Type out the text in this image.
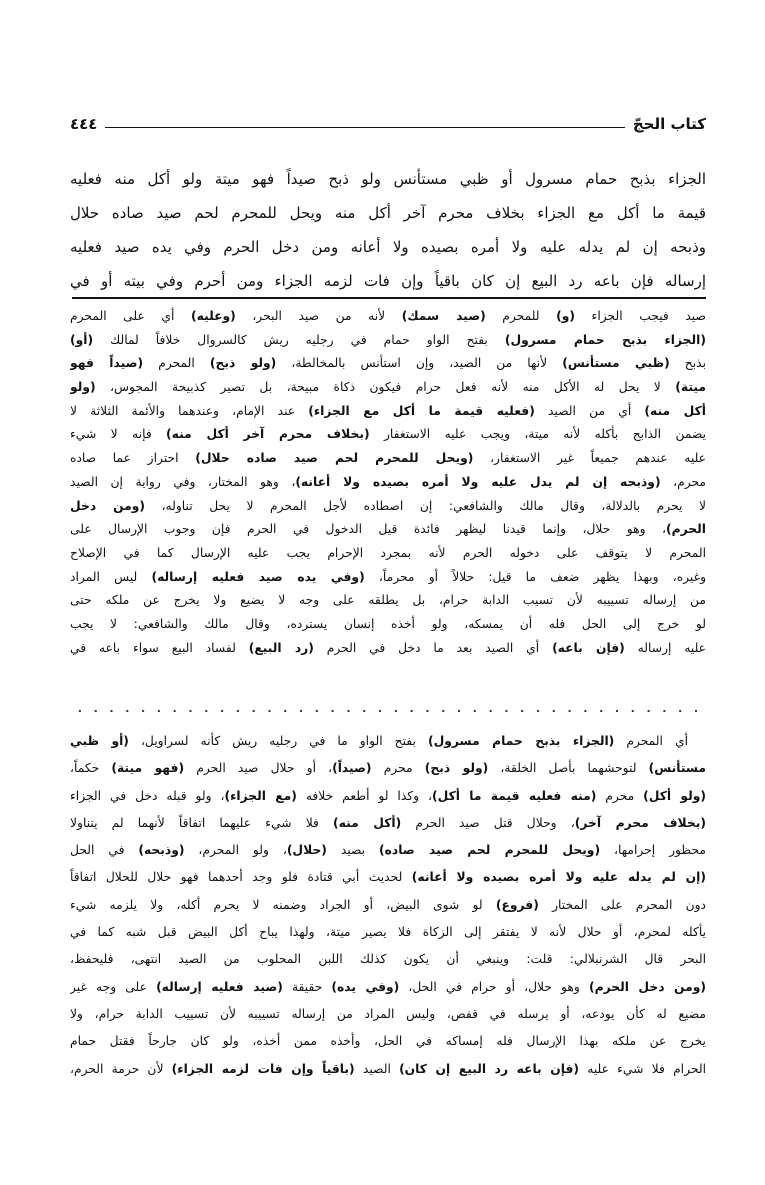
كتاب الحجّ
٤٤٤
الجزاء بذبح حمام مسرول أو ظبي مستأنس ولو ذبح صيداً فهو ميتة ولو أكل منه فعليه
قيمة ما أكل مع الجزاء بخلاف محرم آخر أكل منه ويحل للمحرم لحم صيد صاده حلال
وذبحه إن لم يدله عليه ولا أمره بصيده ولا أعانه ومن دخل الحرم وفي يده صيد فعليه
إرساله فإن باعه رد البيع إن كان باقياً وإن فات لزمه الجزاء ومن أحرم وفي بيته أو في
صيد فيجب الجزاء (و) للمحرم (صيد سمك) لأنه من صيد البحر، (وعليه) أي على المحرم
(الجزاء بذبح حمام مسرول) بفتح الواو حمام في رجليه ريش كالسروال خلافاً لمالك (أو)
بذبح (ظبي مستأنس) لأنها من الصيد، وإن استأنس بالمخالطة، (ولو ذبح) المحرم (صيداً فهو
ميتة) لا يحل له الأكل منه لأنه فعل حرام فيكون ذكاة مبيحة، بل تصير كذبيحة المجوس، (ولو
أكل منه) أي من الصيد (فعليه قيمة ما أكل مع الجزاء) عند الإمام، وعندهما والأئمة الثلاثة لا
يضمن الذابح بأكله لأنه ميتة، ويجب عليه الاستغفار (بخلاف محرم آخر أكل منه) فإنه لا شيء
عليه عندهم جميعاً غير الاستغفار، (ويحل للمحرم لحم صيد صاده حلال) احتراز عما صاده
محرم، (وذبحه إن لم يدل عليه ولا أمره بصيده ولا أعانه)، وهو المختار، وفي رواية إن الصيد
لا يحرم بالدلالة، وقال مالك والشافعي: إن اصطاده لأجل المحرم لا يحل تناوله، (ومن دخل
الحرم)، وهو حلال، وإنما قيدنا ليظهر فائدة قيل الدخول في الحرم فإن وجوب الإرسال على
المحرم لا يتوقف على دخوله الحرم لأنه بمجرد الإحرام يجب عليه الإرسال كما في الإصلاح
وغيره، وبهذا يظهر ضعف ما قيل: حلالاً أو محرماً، (وفي يده صيد فعليه إرساله) ليس المراد
من إرساله تسييبه لأن تسيب الدابة حرام، بل يطلقه على وجه لا يضيع ولا يخرج عن ملكه حتى
لو خرج إلى الحل فله أن يمسكه، ولو أخذه إنسان يسترده، وقال مالك والشافعي: لا يجب
عليه إرساله (فإن باعه) أي الصيد بعد ما دخل في الحرم (رد البيع) لفساد البيع سواء باعه في
أي المحرم (الجزاء بذبح حمام مسرول) بفتح الواو ما في رجليه ريش كأنه لسراويل، (أو ظبي
مستأنس) لتوحشهما بأصل الخلقة، (ولو ذبح) محرم (صيداً)، أو حلال صيد الحرم (فهو ميتة) حكماً،
(ولو أكل) محرم (منه فعليه قيمة ما أكل)، وكذا لو أطعم خلافه (مع الجزاء)، ولو قبله دخل في الجزاء
(بخلاف محرم آخر)، وحلال قتل صيد الحرم (أكل منه) فلا شيء عليهما اتفاقاً لأنهما لم يتناولا
محظور إحرامها، (ويحل للمحرم لحم صيد صاده) بصيد (حلال)، ولو المحرم، (وذبحه) في الحل
(إن لم يدله عليه ولا أمره بصيده ولا أعانه) لحديث أبي قتادة فلو وجد أحدهما فهو حلال للحلال اتفاقاً
دون المحرم على المختار (فروع) لو شوى البيض، أو الجراد وضمنه لا يحرم أكله، ولا يلزمه شيء
يأكله لمحرم، أو حلال لأنه لا يفتقر إلى الزكاة فلا يصير ميتة، ولهذا يباح أكل البيض قبل شبه كما في
البحر قال الشرنبلالي: قلت: وينبغي أن يكون كذلك اللبن المحلوب من الصيد انتهى، فليحفظ،
(ومن دخل الحرم) وهو حلال، أو حرام في الحل، (وفي يده) حقيقة (صيد فعليه إرساله) على وجه غير
مضيع له كأن يودعه، أو يرسله في قفص، وليس المراد من إرساله تسييبه لأن تسييب الدابة حرام، ولا
يخرج عن ملكه بهذا الإرسال فله إمساكه في الحل، وأخذه ممن أخذه، ولو كان جارحاً فقتل حمام
الحرام فلا شيء عليه (فإن باعه رد البيع إن كان) الصيد (باقياً وإن فات لزمه الجزاء) لأن حرمة الحرم،
